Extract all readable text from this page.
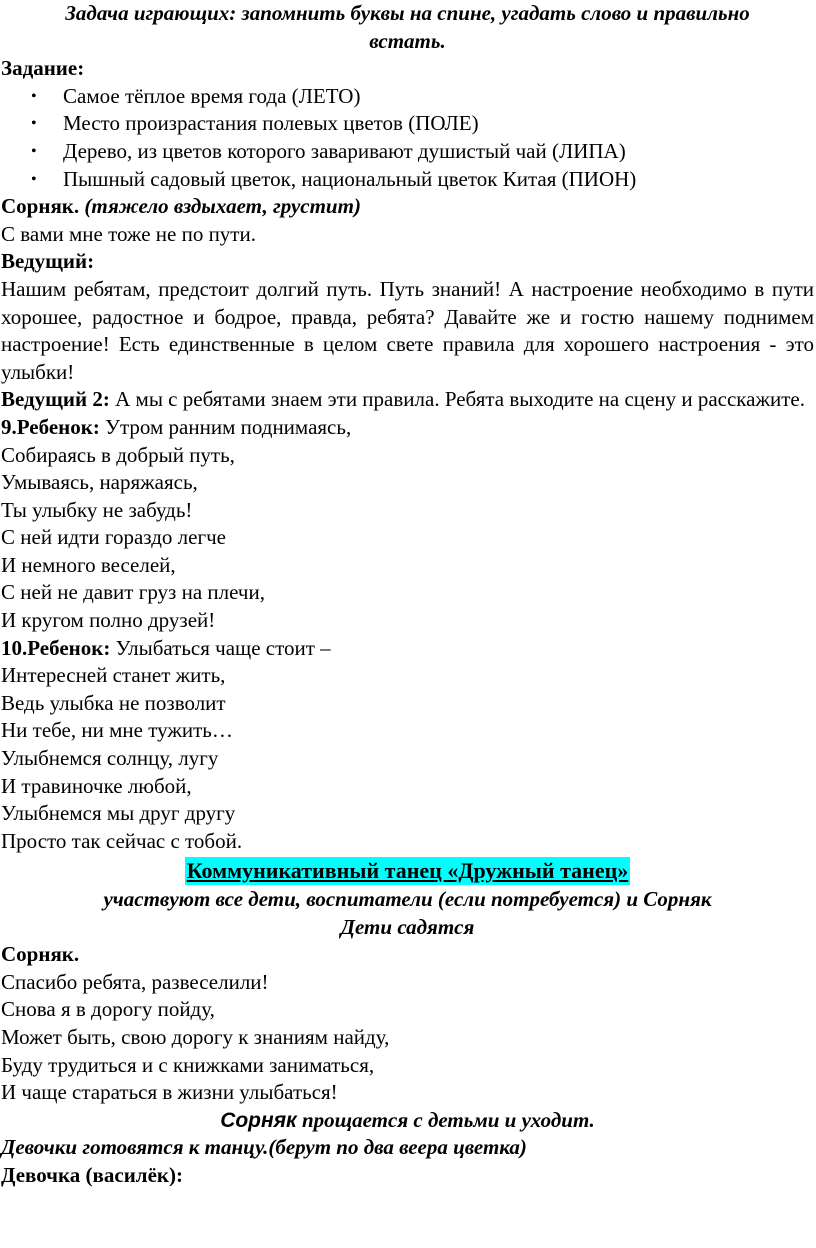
Задача играющих: запомнить буквы на спине, угадать слово и правильно
встать.
Задание:
• Самое тёплое время года (ЛЕТО)
• Место произрастания полевых цветов (ПОЛЕ)
• Дерево, из цветов которого заваривают душистый чай (ЛИПА)
• Пышный садовый цветок, национальный цветок Китая (ПИОН)
Сорняк. (тяжело вздыхает, грустит)
С вами мне тоже не по пути.
Ведущий:
Нашим ребятам, предстоит долгий путь. Путь знаний! А настроение необходимо в пути хорошее, радостное и бодрое, правда, ребята? Давайте же и гостю нашему поднимем настроение! Есть единственные в целом свете правила для хорошего настроения - это улыбки!
Ведущий 2: А мы с ребятами знаем эти правила. Ребята выходите на сцену и расскажите.
9.Ребенок: Утром ранним поднимаясь,
Собираясь в добрый путь,
Умываясь, наряжаясь,
Ты улыбку не забудь!
С ней идти гораздо легче
И немного веселей,
С ней не давит груз на плечи,
И кругом полно друзей!
10.Ребенок: Улыбаться чаще стоит –
Интересней станет жить,
Ведь улыбка не позволит
Ни тебе, ни мне тужить…
Улыбнемся солнцу, лугу
И травиночке любой,
Улыбнемся мы друг другу
Просто так сейчас с тобой.
Коммуникативный танец «Дружный танец»
участвуют все дети, воспитатели (если потребуется) и Сорняк
Дети садятся
Сорняк.
Спасибо ребята, развеселили!
Снова я в дорогу пойду,
Может быть, свою дорогу к знаниям найду,
Буду трудиться и с книжками заниматься,
И чаще стараться в жизни улыбаться!
Сорняк прощается с детьми и уходит.
Девочки готовятся к танцу.(берут по два веера цветка)
Девочка (василёк):
